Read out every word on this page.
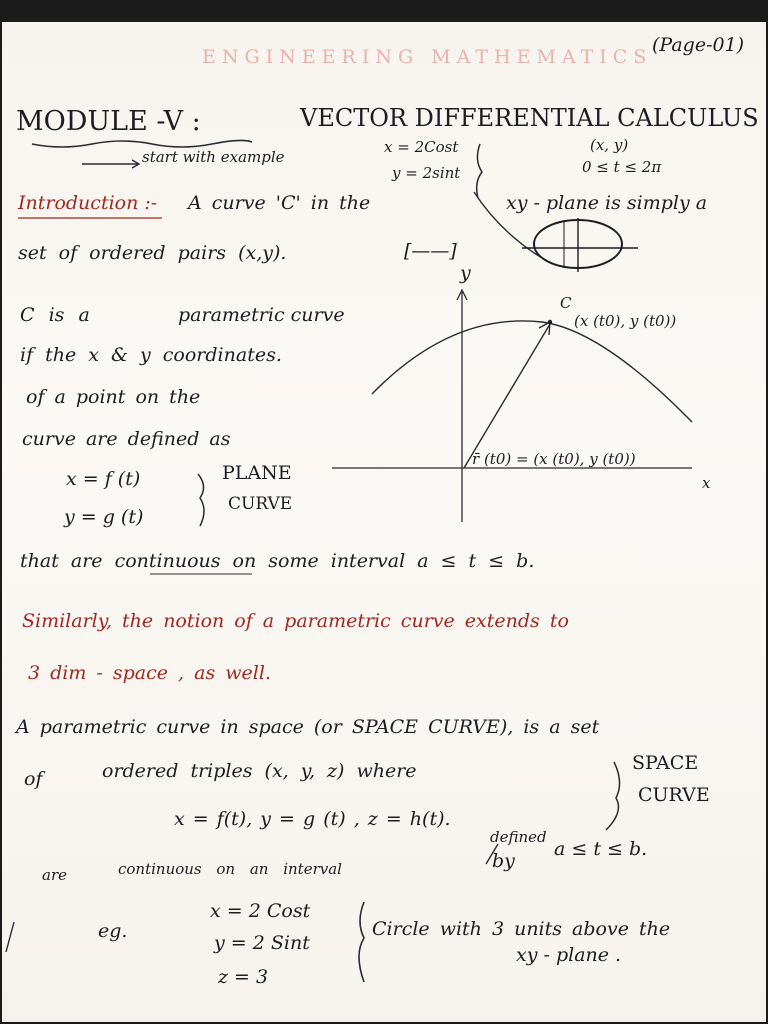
ENGINEERING MATHEMATICS
(Page-01)
MODULE -V :	VECTOR DIFFERENTIAL CALCULUS
start with example
x = 2Cost
y = 2sint
(x, y)
0 ≤ t ≤ 2π
Introduction :- A curve 'C' in the	xy - plane is simply a
set of ordered pairs (x,y).	[——]
C is a	parametric curve
if the x & y coordinates.
of a point on the
curve are defined as
x = f (t)
y = g (t)
PLANE
CURVE
that are continuous on some interval a ≤ t ≤ b.
y
x
C
(x (t0), y (t0))
r̄ (t0) = (x (t0), y (t0))
Similarly, the notion of a parametric curve extends to
3 dim - space , as well.
A parametric curve in space (or SPACE CURVE), is a set
of	ordered triples (x, y, z) where
x = f(t), y = g (t) , z = h(t).
defined
SPACE
CURVE
are	continuous on an interval	by
a ≤ t ≤ b.
eg.
x = 2 Cost
y = 2 Sint
z = 3
Circle with 3 units above the
xy - plane .
